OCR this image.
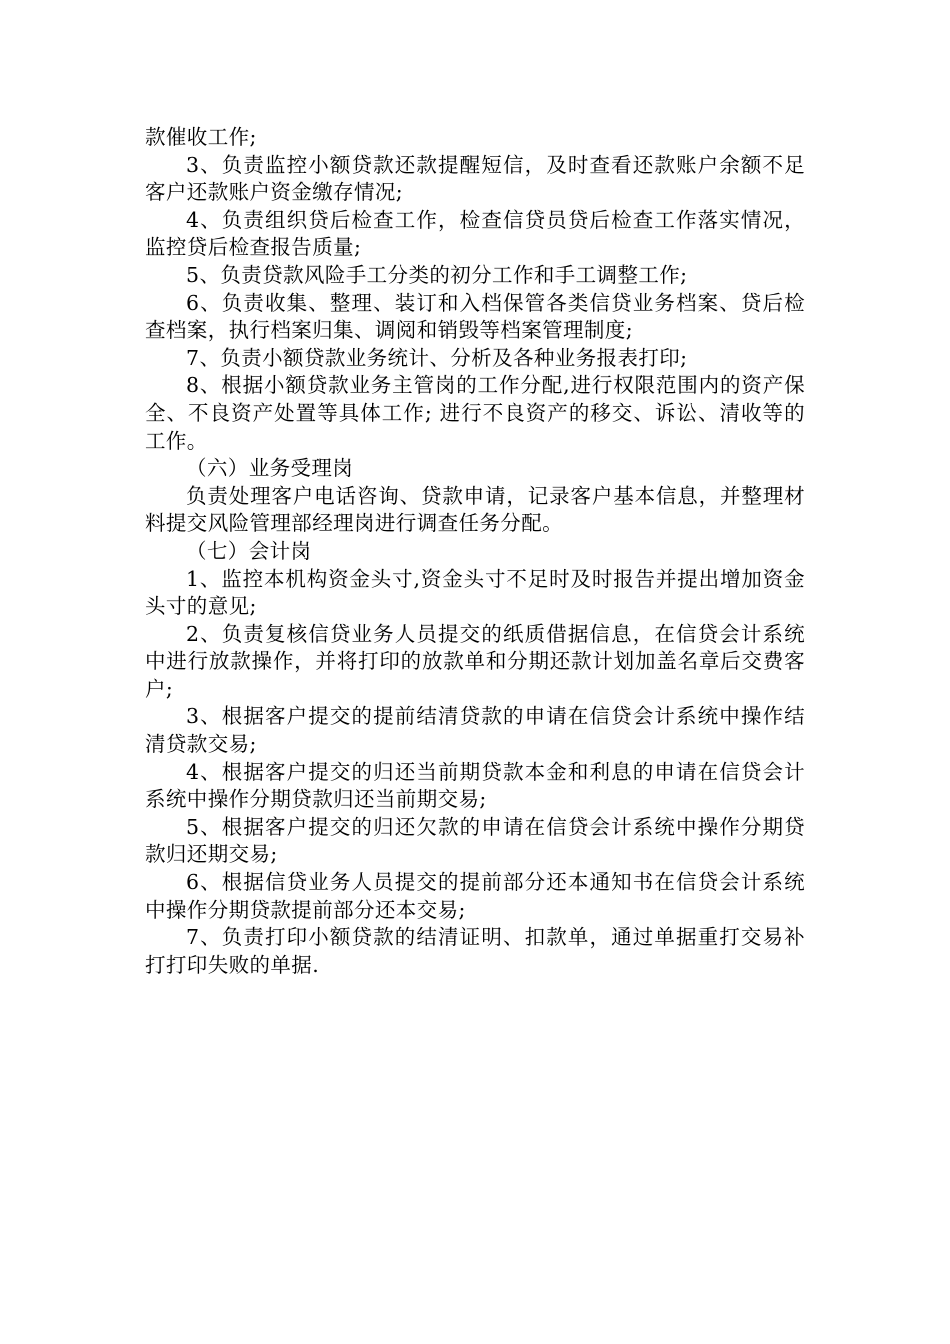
款催收工作;

3、负责监控小额贷款还款提醒短信，及时查看还款账户余额不足客户还款账户资金缴存情况;

4、负责组织贷后检查工作，检查信贷员贷后检查工作落实情况，监控贷后检查报告质量;

5、负责贷款风险手工分类的初分工作和手工调整工作;

6、负责收集、整理、装订和入档保管各类信贷业务档案、贷后检查档案，执行档案归集、调阅和销毁等档案管理制度;

7、负责小额贷款业务统计、分析及各种业务报表打印;

8、根据小额贷款业务主管岗的工作分配,进行权限范围内的资产保全、不良资产处置等具体工作; 进行不良资产的移交、诉讼、清收等的工作。

（六）业务受理岗

负责处理客户电话咨询、贷款申请，记录客户基本信息，并整理材料提交风险管理部经理岗进行调查任务分配。

（七）会计岗

1、监控本机构资金头寸,资金头寸不足时及时报告并提出增加资金头寸的意见;

2、负责复核信贷业务人员提交的纸质借据信息，在信贷会计系统中进行放款操作，并将打印的放款单和分期还款计划加盖名章后交费客户;

3、根据客户提交的提前结清贷款的申请在信贷会计系统中操作结清贷款交易;

4、根据客户提交的归还当前期贷款本金和利息的申请在信贷会计系统中操作分期贷款归还当前期交易;

5、根据客户提交的归还欠款的申请在信贷会计系统中操作分期贷款归还期交易;

6、根据信贷业务人员提交的提前部分还本通知书在信贷会计系统中操作分期贷款提前部分还本交易;

7、负责打印小额贷款的结清证明、扣款单，通过单据重打交易补打打印失败的单据.
